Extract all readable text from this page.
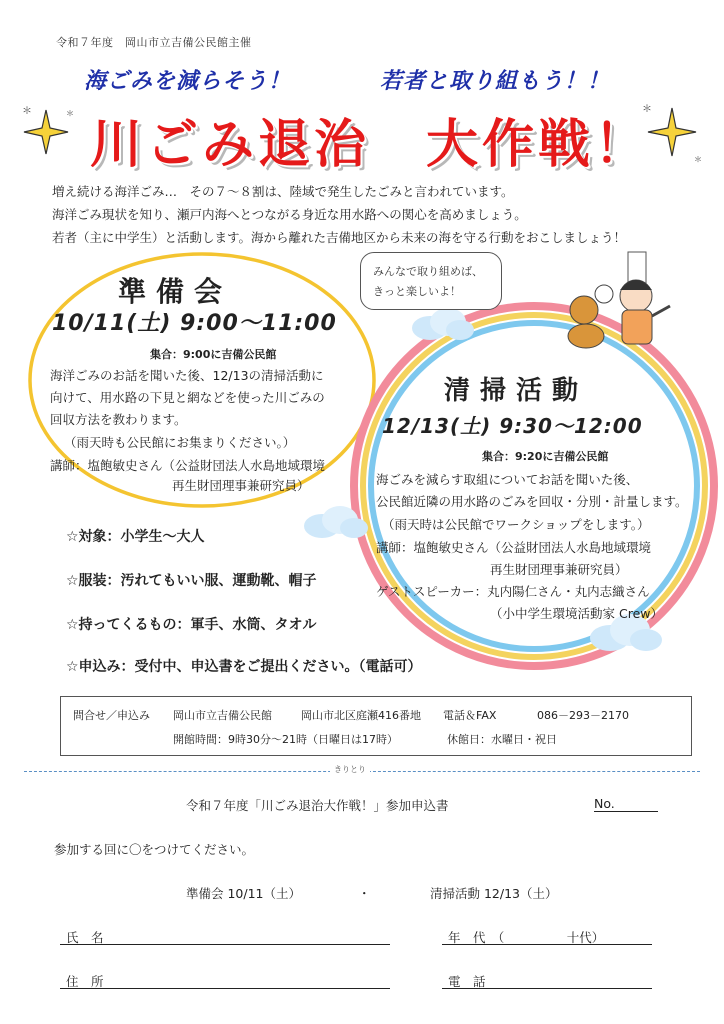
令和７年度　岡山市立吉備公民館主催
海ごみを減らそう！	若者と取り組もう！！
川ごみ退治　大作戦！
＊	＊	＊
＊
増え続ける海洋ごみ…　その７～８割は、陸域で発生したごみと言われています。
海洋ごみ現状を知り、瀬戸内海へとつながる身近な用水路への関心を高めましょう。
若者（主に中学生）と活動します。海から離れた吉備地区から未来の海を守る行動をおこしましょう！
みんなで取り組めば、
きっと楽しいよ！
準備会
10/11(土) 9:00～11:00
集合：9:00に吉備公民館
海洋ごみのお話を聞いた後、12/13の清掃活動に
向けて、用水路の下見と網などを使った川ごみの
回収方法を教わります。
（雨天時も公民館にお集まりください。）
講師：塩飽敏史さん（公益財団法人水島地域環境
再生財団理事兼研究員）
清掃活動
12/13(土) 9:30～12:00
集合：9:20に吉備公民館
海ごみを減らす取組についてお話を聞いた後、
公民館近隣の用水路のごみを回収・分別・計量します。
（雨天時は公民館でワークショップをします。）
講師：塩飽敏史さん（公益財団法人水島地域環境
再生財団理事兼研究員）
ゲストスピーカー：丸内陽仁さん・丸内志織さん
（小中学生環境活動家 Crew）
☆対象：小学生～大人
☆服装：汚れてもいい服、運動靴、帽子
☆持ってくるもの：軍手、水筒、タオル
☆申込み：受付中、申込書をご提出ください。（電話可）
問合せ／申込み 岡山市立吉備公民館	岡山市北区庭瀬416番地 電話＆FAX	086－293－2170
開館時間：9時30分～21時（日曜日は17時）	休館日：水曜日・祝日
きりとり
令和７年度「川ごみ退治大作戦！」参加申込書	No.
参加する回に〇をつけてください。
準備会 10/11（土）	・	清掃活動 12/13（土）
氏　名	年　代　（　　　　　十代）
住　所	電　話
